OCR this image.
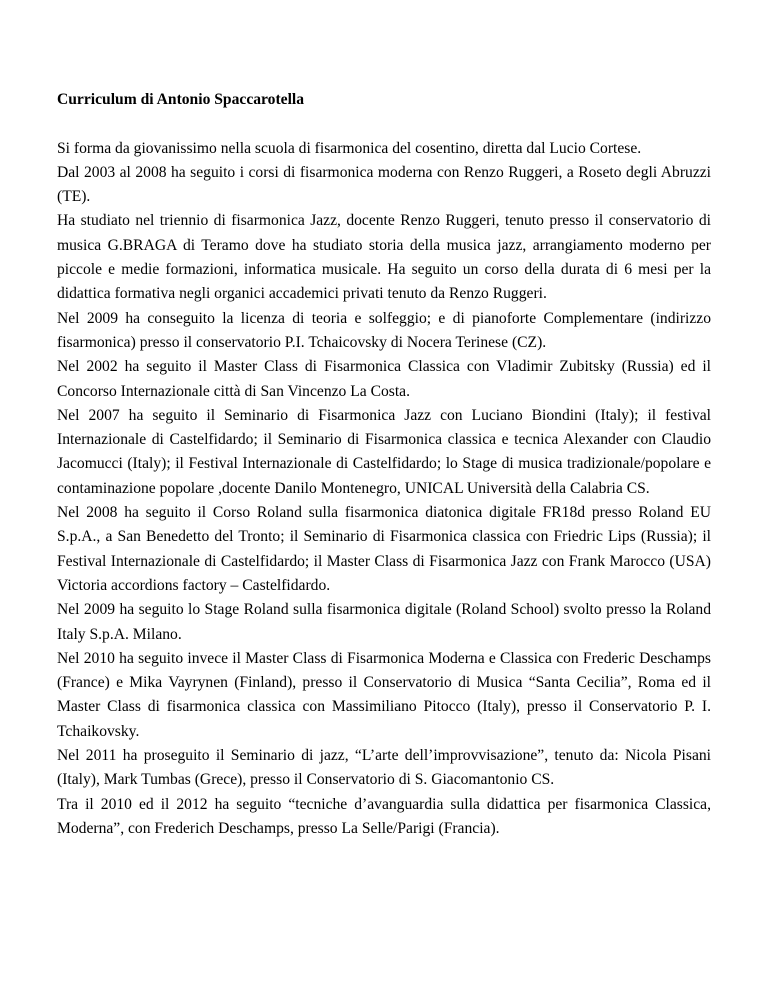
Curriculum di Antonio Spaccarotella

Si forma da giovanissimo nella scuola di fisarmonica del cosentino, diretta dal Lucio Cortese.

Dal 2003 al 2008 ha seguito i corsi di fisarmonica moderna con Renzo Ruggeri, a Roseto degli Abruzzi (TE).

Ha studiato nel triennio di fisarmonica Jazz, docente Renzo Ruggeri, tenuto presso il conservatorio di musica G.BRAGA di Teramo dove ha studiato storia della musica jazz, arrangiamento moderno per piccole e medie formazioni, informatica musicale. Ha seguito un corso della durata di 6 mesi per la didattica formativa negli organici accademici privati tenuto da Renzo Ruggeri.

Nel 2009 ha conseguito la licenza di teoria e solfeggio; e di pianoforte Complementare (indirizzo fisarmonica) presso il conservatorio P.I. Tchaicovsky di Nocera Terinese (CZ).

Nel 2002 ha seguito il Master Class di Fisarmonica Classica con Vladimir Zubitsky (Russia) ed il Concorso Internazionale città di San Vincenzo La Costa.

Nel 2007 ha seguito il Seminario di Fisarmonica Jazz con Luciano Biondini (Italy); il festival Internazionale di Castelfidardo; il Seminario di Fisarmonica classica e tecnica Alexander con Claudio Jacomucci (Italy); il Festival Internazionale di Castelfidardo; lo Stage di musica tradizionale/popolare e contaminazione popolare ,docente Danilo Montenegro, UNICAL Università della Calabria CS.

Nel 2008 ha seguito il Corso Roland sulla fisarmonica diatonica digitale FR18d presso Roland EU S.p.A., a San Benedetto del Tronto; il Seminario di Fisarmonica classica con Friedric Lips (Russia); il Festival Internazionale di Castelfidardo; il Master Class di Fisarmonica Jazz con Frank Marocco (USA) Victoria accordions factory – Castelfidardo.

Nel 2009 ha seguito lo Stage Roland sulla fisarmonica digitale (Roland School) svolto presso la Roland Italy S.p.A. Milano.

Nel 2010 ha seguito invece il Master Class di Fisarmonica Moderna e Classica con Frederic Deschamps (France) e Mika Vayrynen (Finland), presso il Conservatorio di Musica “Santa Cecilia”, Roma ed il Master Class di fisarmonica classica con Massimiliano Pitocco (Italy), presso il Conservatorio P. I. Tchaikovsky.

Nel 2011 ha proseguito il Seminario di jazz, “L’arte dell’improvvisazione”, tenuto da: Nicola Pisani (Italy), Mark Tumbas (Grece), presso il Conservatorio di S. Giacomantonio CS.

Tra il 2010 ed il 2012 ha seguito “tecniche d’avanguardia sulla didattica per fisarmonica Classica, Moderna”, con Frederich Deschamps, presso La Selle/Parigi (Francia).
